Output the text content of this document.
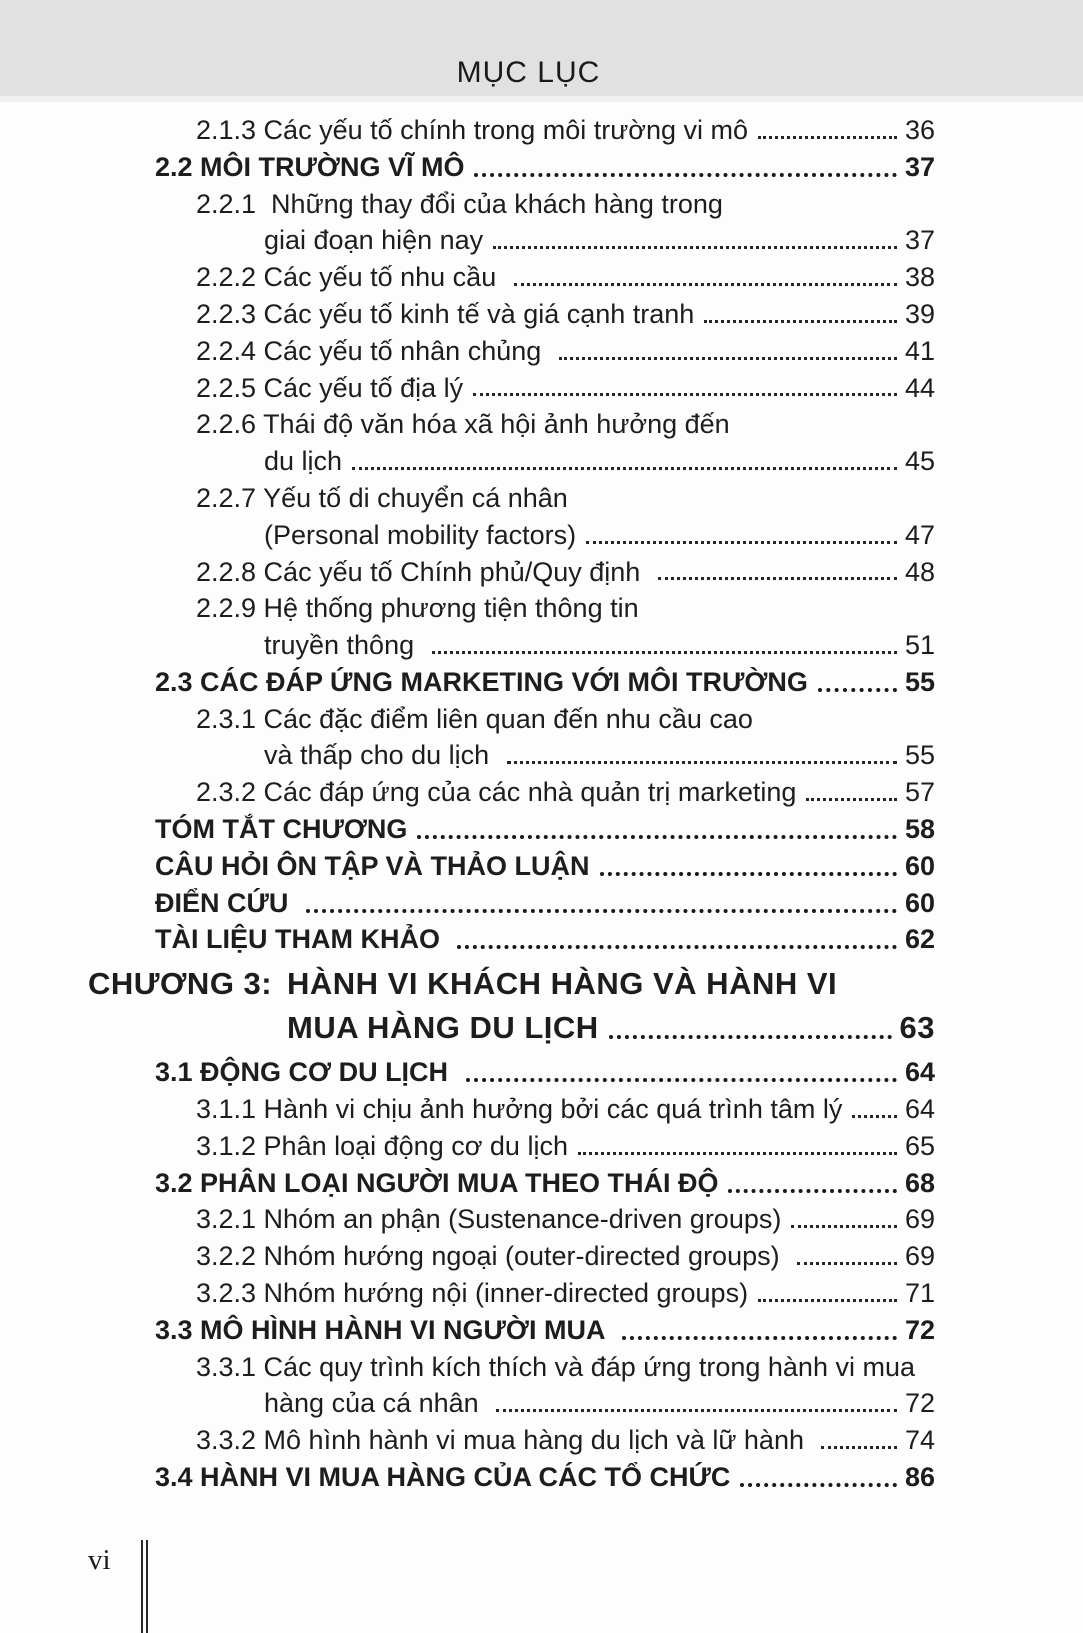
MỤC LỤC
2.1.3 Các yếu tố chính trong môi trường vi mô	36
2.2 MÔI TRƯỜNG VĨ MÔ	37
2.2.1  Những thay đổi của khách hàng trong
giai đoạn hiện nay	37
2.2.2 Các yếu tố nhu cầu	38
2.2.3 Các yếu tố kinh tế và giá cạnh tranh	39
2.2.4 Các yếu tố nhân chủng	41
2.2.5 Các yếu tố địa lý	44
2.2.6 Thái độ văn hóa xã hội ảnh hưởng đến
du lịch	45
2.2.7 Yếu tố di chuyển cá nhân
(Personal mobility factors)	47
2.2.8 Các yếu tố Chính phủ/Quy định	48
2.2.9 Hệ thống phương tiện thông tin
truyền thông	51
2.3 CÁC ĐÁP ỨNG MARKETING VỚI MÔI TRƯỜNG	55
2.3.1 Các đặc điểm liên quan đến nhu cầu cao
và thấp cho du lịch	55
2.3.2 Các đáp ứng của các nhà quản trị marketing	57
TÓM TẮT CHƯƠNG	58
CÂU HỎI ÔN TẬP VÀ THẢO LUẬN	60
ĐIỂN CỨU	60
TÀI LIỆU THAM KHẢO	62
CHƯƠNG 3: HÀNH VI KHÁCH HÀNG VÀ HÀNH VI
MUA HÀNG DU LỊCH	63
3.1 ĐỘNG CƠ DU LỊCH	64
3.1.1 Hành vi chịu ảnh hưởng bởi các quá trình tâm lý 64
3.1.2 Phân loại động cơ du lịch	65
3.2 PHÂN LOẠI NGƯỜI MUA THEO THÁI ĐỘ	68
3.2.1 Nhóm an phận (Sustenance-driven groups)	69
3.2.2 Nhóm hướng ngoại (outer-directed groups)	69
3.2.3 Nhóm hướng nội (inner-directed groups)	71
3.3 MÔ HÌNH HÀNH VI NGƯỜI MUA	72
3.3.1 Các quy trình kích thích và đáp ứng trong hành vi mua
hàng của cá nhân	72
3.3.2 Mô hình hành vi mua hàng du lịch và lữ hành	74
3.4 HÀNH VI MUA HÀNG CỦA CÁC TỔ CHỨC	86
vi
